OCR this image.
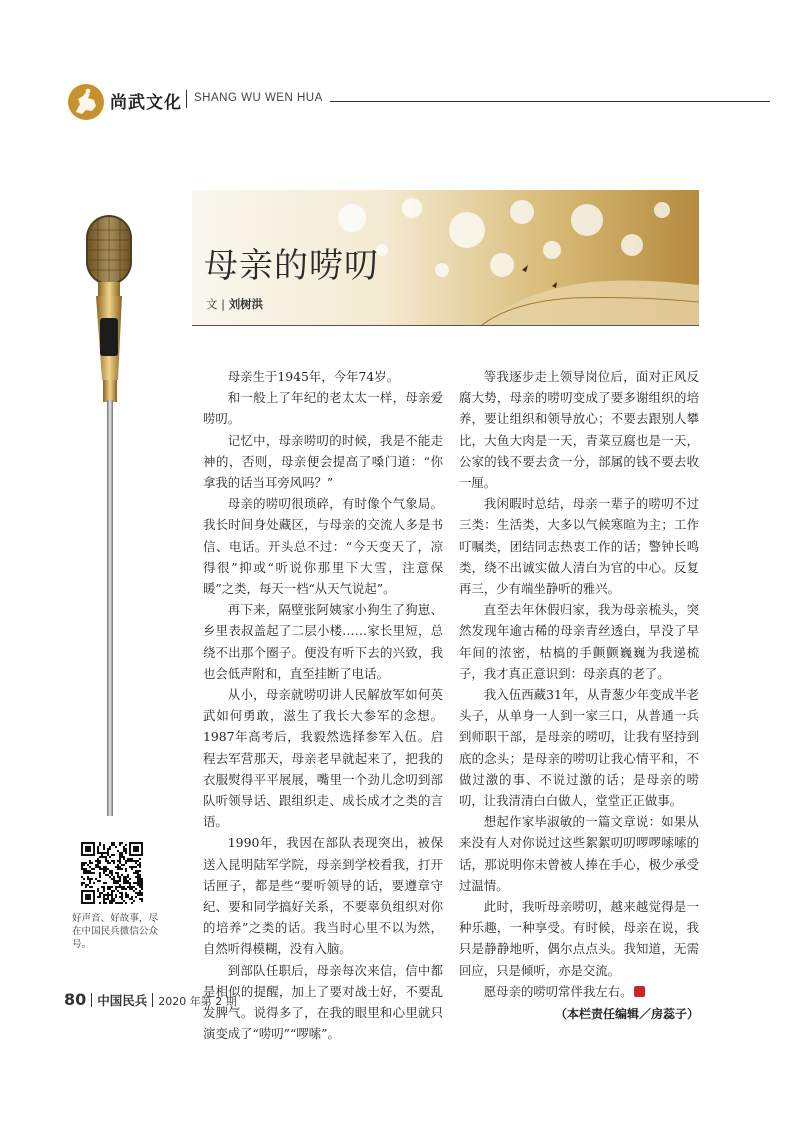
尚武文化 SHANG WU WEN HUA
母亲的唠叨
文 | 刘树洪

母亲生于1945年，今年74岁。

和一般上了年纪的老太太一样，母亲爱唠叨。

记忆中，母亲唠叨的时候，我是不能走神的，否则，母亲便会提高了嗓门道：“你拿我的话当耳旁风吗？”

母亲的唠叨很琐碎，有时像个气象局。我长时间身处藏区，与母亲的交流人多是书信、电话。开头总不过：“今天变天了，凉得很”抑或“听说你那里下大雪，注意保暖”之类，每天一档“从天气说起”。

再下来，隔壁张阿姨家小狗生了狗崽、乡里表叔盖起了二层小楼……家长里短，总绕不出那个圈子。便没有听下去的兴致，我也会低声附和，直至挂断了电话。

从小，母亲就唠叨讲人民解放军如何英武如何勇敢，滋生了我长大参军的念想。1987年高考后，我毅然选择参军入伍。启程去军营那天，母亲老早就起来了，把我的衣服熨得平平展展，嘴里一个劲儿念叨到部队听领导话、跟组织走、成长成才之类的言语。

1990年，我因在部队表现突出，被保送入昆明陆军学院，母亲到学校看我，打开话匣子，都是些“要听领导的话，要遵章守纪、要和同学搞好关系，不要辜负组织对你的培养”之类的话。我当时心里不以为然，自然听得模糊，没有入脑。

到部队任职后，母亲每次来信，信中都是相似的提醒，加上了要对战士好，不要乱发脾气。说得多了，在我的眼里和心里就只演变成了“唠叨”“啰嗦”。

等我逐步走上领导岗位后，面对正风反腐大势，母亲的唠叨变成了要多谢组织的培养，要让组织和领导放心；不要去跟别人攀比，大鱼大肉是一天，青菜豆腐也是一天，公家的钱不要去贪一分，部属的钱不要去收一厘。

我闲暇时总结，母亲一辈子的唠叨不过三类：生活类，大多以气候寒暄为主；工作叮嘱类，团结同志热衷工作的话；警钟长鸣类，绕不出诚实做人清白为官的中心。反复再三，少有端坐静听的雅兴。

直至去年休假归家，我为母亲梳头，突然发现年逾古稀的母亲青丝透白，早没了早年间的浓密，枯槁的手颤颤巍巍为我递梳子，我才真正意识到：母亲真的老了。

我入伍西藏31年，从青葱少年变成半老头子，从单身一人到一家三口，从普通一兵到师职干部，是母亲的唠叨，让我有坚持到底的念头；是母亲的唠叨让我心情平和，不做过激的事、不说过激的话；是母亲的唠叨，让我清清白白做人，堂堂正正做事。

想起作家毕淑敏的一篇文章说：如果从来没有人对你说过这些絮絮叨叨啰啰嗦嗦的话，那说明你未曾被人捧在手心，极少承受过温情。

此时，我听母亲唠叨，越来越觉得是一种乐趣，一种享受。有时候，母亲在说，我只是静静地听，偶尔点点头。我知道，无需回应，只是倾听，亦是交流。

愿母亲的唠叨常伴我左右。

（本栏责任编辑／房蕊子）
好声音、好故事，尽在中国民兵微信公众号。
80 中国民兵 2020 年第 2 期
